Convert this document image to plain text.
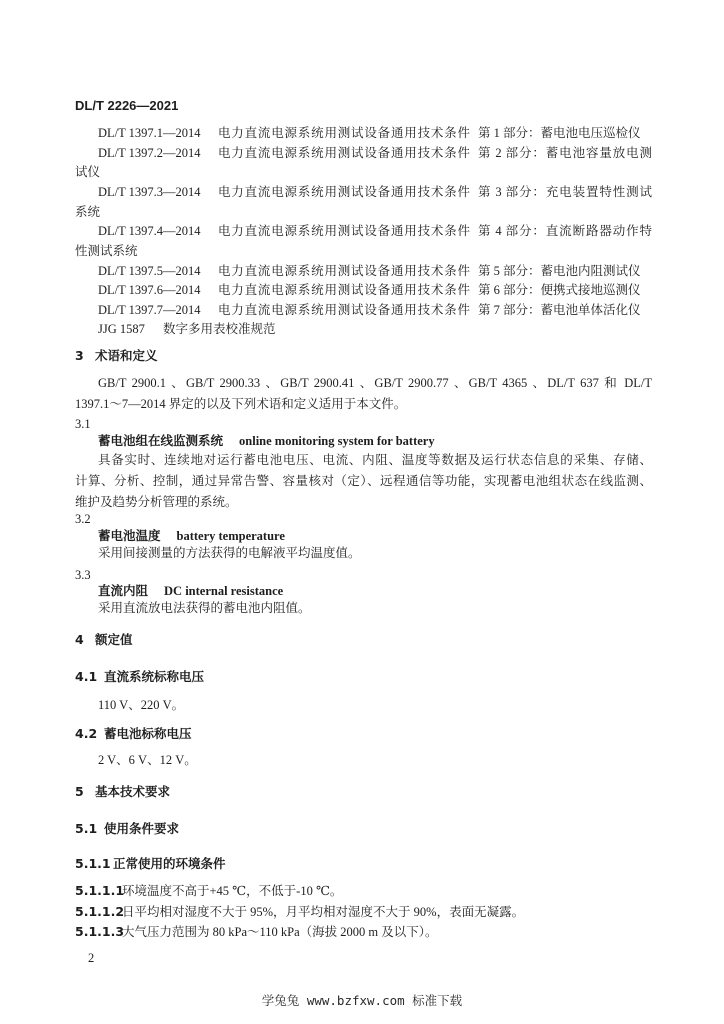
DL/T 2226—2021
DL/T 1397.1—2014 电力直流电源系统用测试设备通用技术条件 第 1 部分：蓄电池电压巡检仪
DL/T 1397.2—2014 电力直流电源系统用测试设备通用技术条件 第 2 部分：蓄电池容量放电测
试仪
DL/T 1397.3—2014 电力直流电源系统用测试设备通用技术条件 第 3 部分：充电装置特性测试
系统
DL/T 1397.4—2014 电力直流电源系统用测试设备通用技术条件 第 4 部分：直流断路器动作特
性测试系统
DL/T 1397.5—2014 电力直流电源系统用测试设备通用技术条件 第 5 部分：蓄电池内阻测试仪
DL/T 1397.6—2014 电力直流电源系统用测试设备通用技术条件 第 6 部分：便携式接地巡测仪
DL/T 1397.7—2014 电力直流电源系统用测试设备通用技术条件 第 7 部分：蓄电池单体活化仪
JJG 1587 数字多用表校准规范
3 术语和定义
GB/T 2900.1 、GB/T 2900.33 、GB/T 2900.41 、GB/T 2900.77 、GB/T 4365 、DL/T 637 和 DL/T
1397.1～7—2014 界定的以及下列术语和定义适用于本文件。
3.1
蓄电池组在线监测系统 online monitoring system for battery
具备实时、连续地对运行蓄电池电压、电流、内阻、温度等数据及运行状态信息的采集、存储、
计算、分析、控制，通过异常告警、容量核对（定）、远程通信等功能，实现蓄电池组状态在线监测、
维护及趋势分析管理的系统。
3.2
蓄电池温度 battery temperature
采用间接测量的方法获得的电解液平均温度值。
3.3
直流内阻 DC internal resistance
采用直流放电法获得的蓄电池内阻值。
4 额定值
4.1 直流系统标称电压
110 V、220 V。
4.2 蓄电池标称电压
2 V、6 V、12 V。
5 基本技术要求
5.1 使用条件要求
5.1.1 正常使用的环境条件
5.1.1.1
环境温度不高于+45 ℃，不低于-10 ℃。
5.1.1.2
日平均相对湿度不大于 95%，月平均相对湿度不大于 90%，表面无凝露。
5.1.1.3
大气压力范围为 80 kPa～110 kPa（海拔 2000 m 及以下）。
2
学兔兔 www.bzfxw.com 标准下载
